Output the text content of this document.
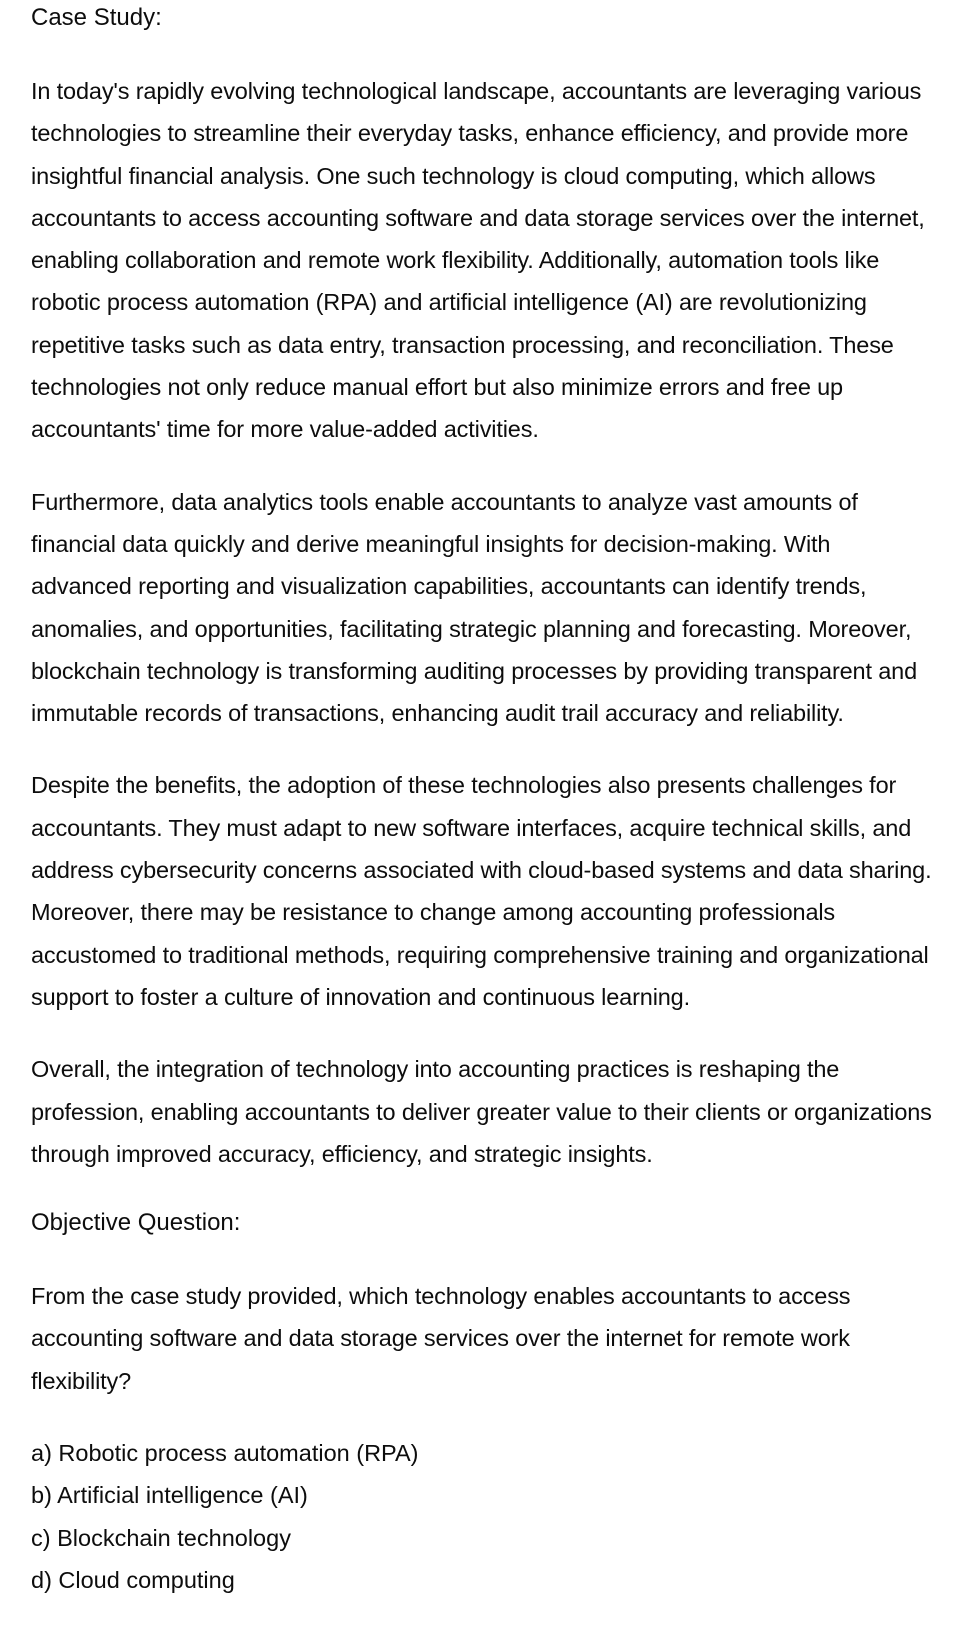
Case Study:

In today's rapidly evolving technological landscape, accountants are leveraging various technologies to streamline their everyday tasks, enhance efficiency, and provide more insightful financial analysis. One such technology is cloud computing, which allows accountants to access accounting software and data storage services over the internet, enabling collaboration and remote work flexibility. Additionally, automation tools like robotic process automation (RPA) and artificial intelligence (AI) are revolutionizing repetitive tasks such as data entry, transaction processing, and reconciliation. These technologies not only reduce manual effort but also minimize errors and free up accountants' time for more value-added activities.

Furthermore, data analytics tools enable accountants to analyze vast amounts of financial data quickly and derive meaningful insights for decision-making. With advanced reporting and visualization capabilities, accountants can identify trends, anomalies, and opportunities, facilitating strategic planning and forecasting. Moreover, blockchain technology is transforming auditing processes by providing transparent and immutable records of transactions, enhancing audit trail accuracy and reliability.

Despite the benefits, the adoption of these technologies also presents challenges for accountants. They must adapt to new software interfaces, acquire technical skills, and address cybersecurity concerns associated with cloud-based systems and data sharing. Moreover, there may be resistance to change among accounting professionals accustomed to traditional methods, requiring comprehensive training and organizational support to foster a culture of innovation and continuous learning.

Overall, the integration of technology into accounting practices is reshaping the profession, enabling accountants to deliver greater value to their clients or organizations through improved accuracy, efficiency, and strategic insights.

Objective Question:

From the case study provided, which technology enables accountants to access accounting software and data storage services over the internet for remote work flexibility?

a) Robotic process automation (RPA)
b) Artificial intelligence (AI)
c) Blockchain technology
d) Cloud computing
